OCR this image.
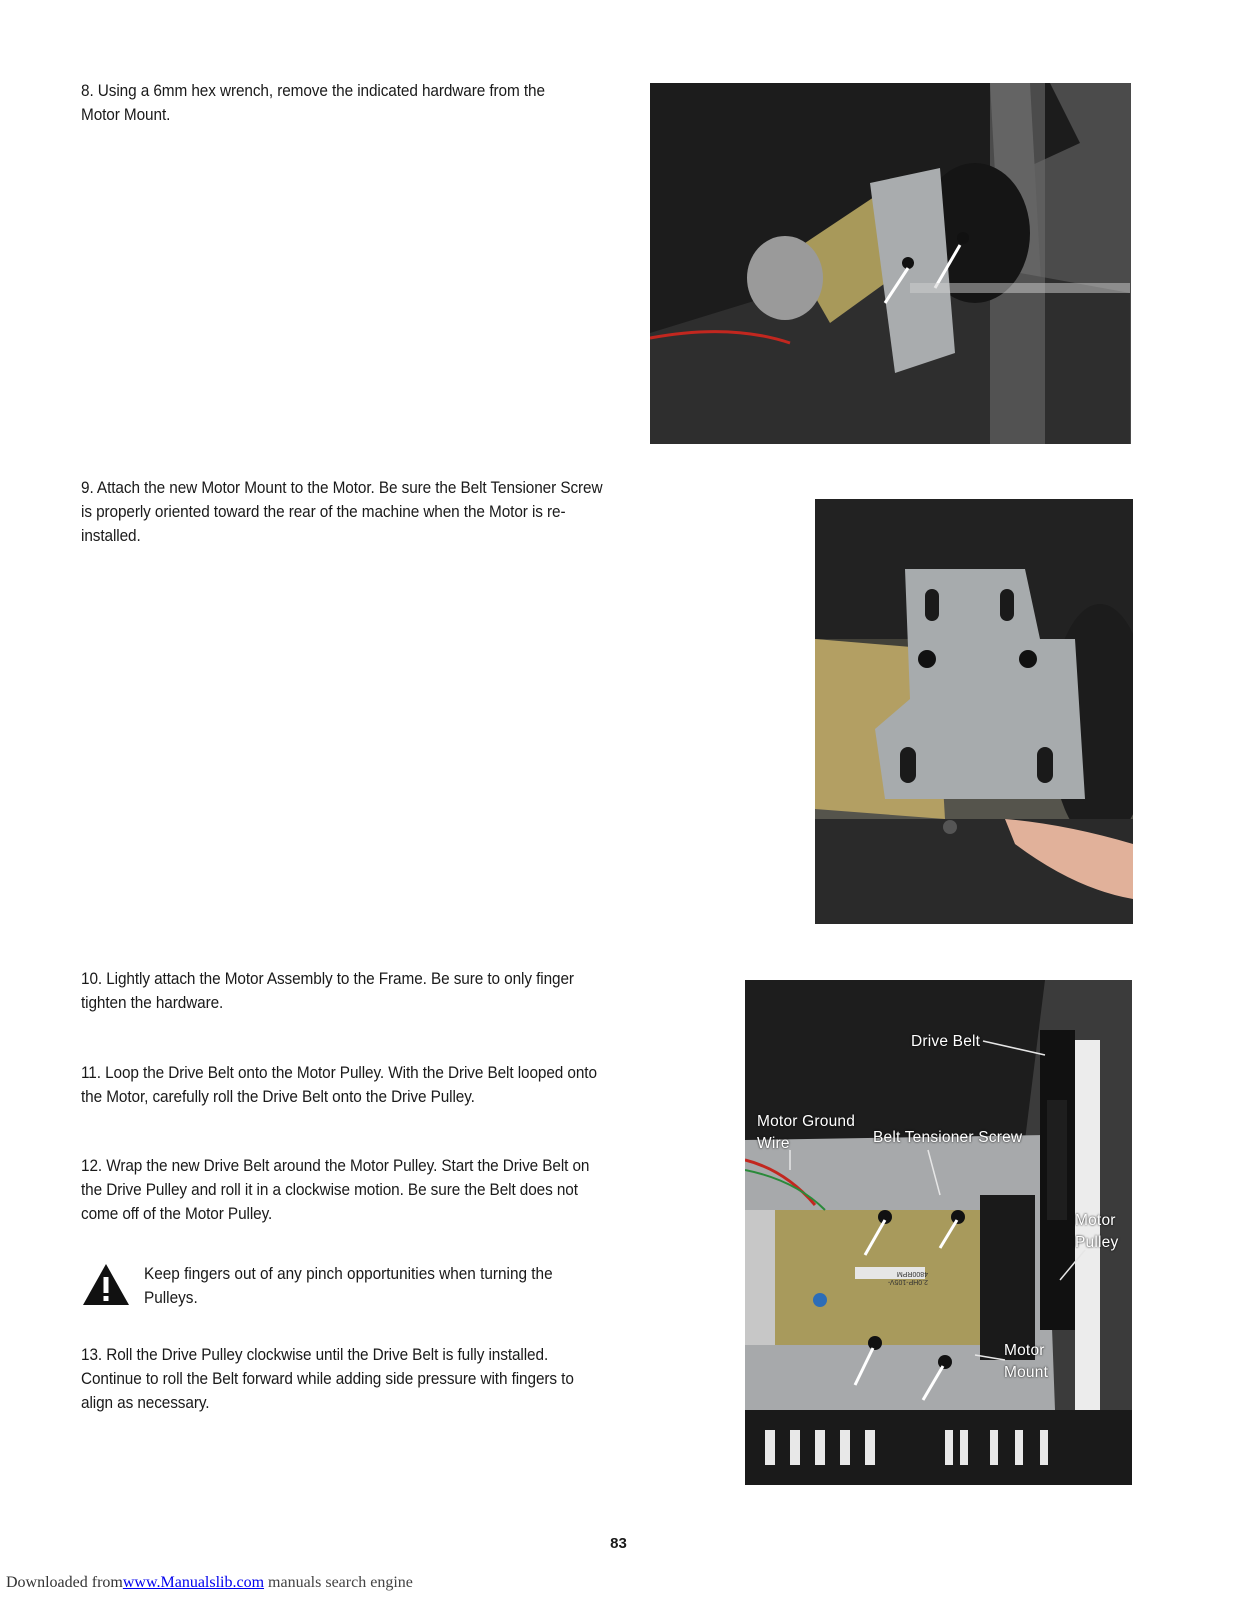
8. Using a 6mm hex wrench, remove the indicated hardware from the Motor Mount.

9. Attach the new Motor Mount to the Motor. Be sure the Belt Tensioner Screw is properly oriented toward the rear of the machine when the Motor is re-installed.

10. Lightly attach the Motor Assembly to the Frame. Be sure to only finger tighten the hardware.

11. Loop the Drive Belt onto the Motor Pulley. With the Drive Belt looped onto the Motor, carefully roll the Drive Belt onto the Drive Pulley.

12. Wrap the new Drive Belt around the Motor Pulley. Start the Drive Belt on the Drive Pulley and roll it in a clockwise motion. Be sure the Belt does not come off of the Motor Pulley.

13. Roll the Drive Pulley clockwise until the Drive Belt is fully installed. Continue to roll the Belt forward while adding side pressure with fingers to align as necessary.

Keep fingers out of any pinch opportunities when turning the Pulleys.

Drive Belt
Motor Ground
Wire	Belt Tensioner Screw
Motor
Pulley
Motor
Mount
2.0HP-105V-4800RPM
83
Downloaded fromwww.Manualslib.com manuals search engine
